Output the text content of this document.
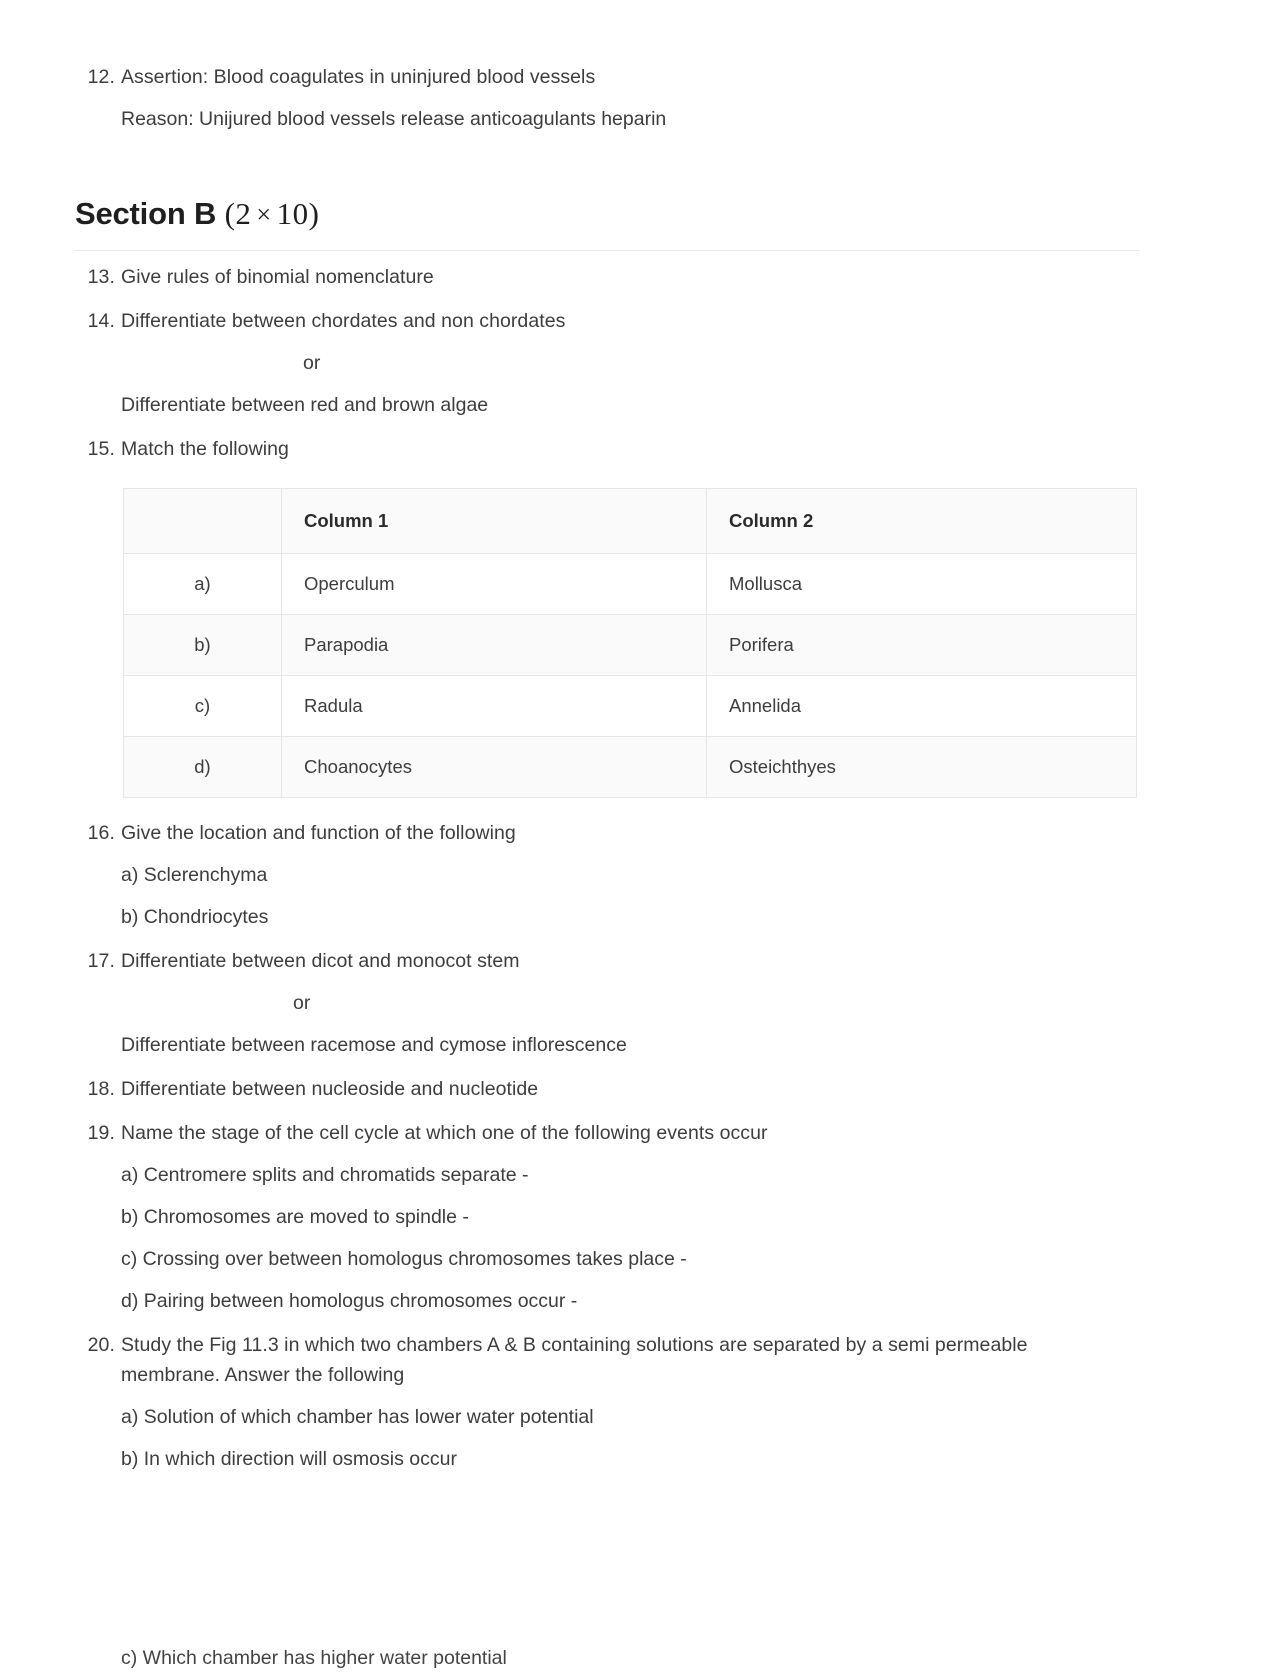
12. Assertion: Blood coagulates in uninjured blood vessels
Reason: Unijured blood vessels release anticoagulants heparin
Section B (2 × 10)
13. Give rules of binomial nomenclature
14. Differentiate between chordates and non chordates
or
Differentiate between red and brown algae
15. Match the following
	Column 1	Column 2
a)	Operculum	Mollusca
b)	Parapodia	Porifera
c)	Radula	Annelida
d)	Choanocytes	Osteichthyes
16. Give the location and function of the following
a) Sclerenchyma
b) Chondriocytes
17. Differentiate between dicot and monocot stem
or
Differentiate between racemose and cymose inflorescence
18. Differentiate between nucleoside and nucleotide
19. Name the stage of the cell cycle at which one of the following events occur
a) Centromere splits and chromatids separate -
b) Chromosomes are moved to spindle -
c) Crossing over between homologus chromosomes takes place -
d) Pairing between homologus chromosomes occur -
20. Study the Fig 11.3 in which two chambers A & B containing solutions are separated by a semi permeable membrane. Answer the following
a) Solution of which chamber has lower water potential
b) In which direction will osmosis occur
c) Which chamber has higher water potential
